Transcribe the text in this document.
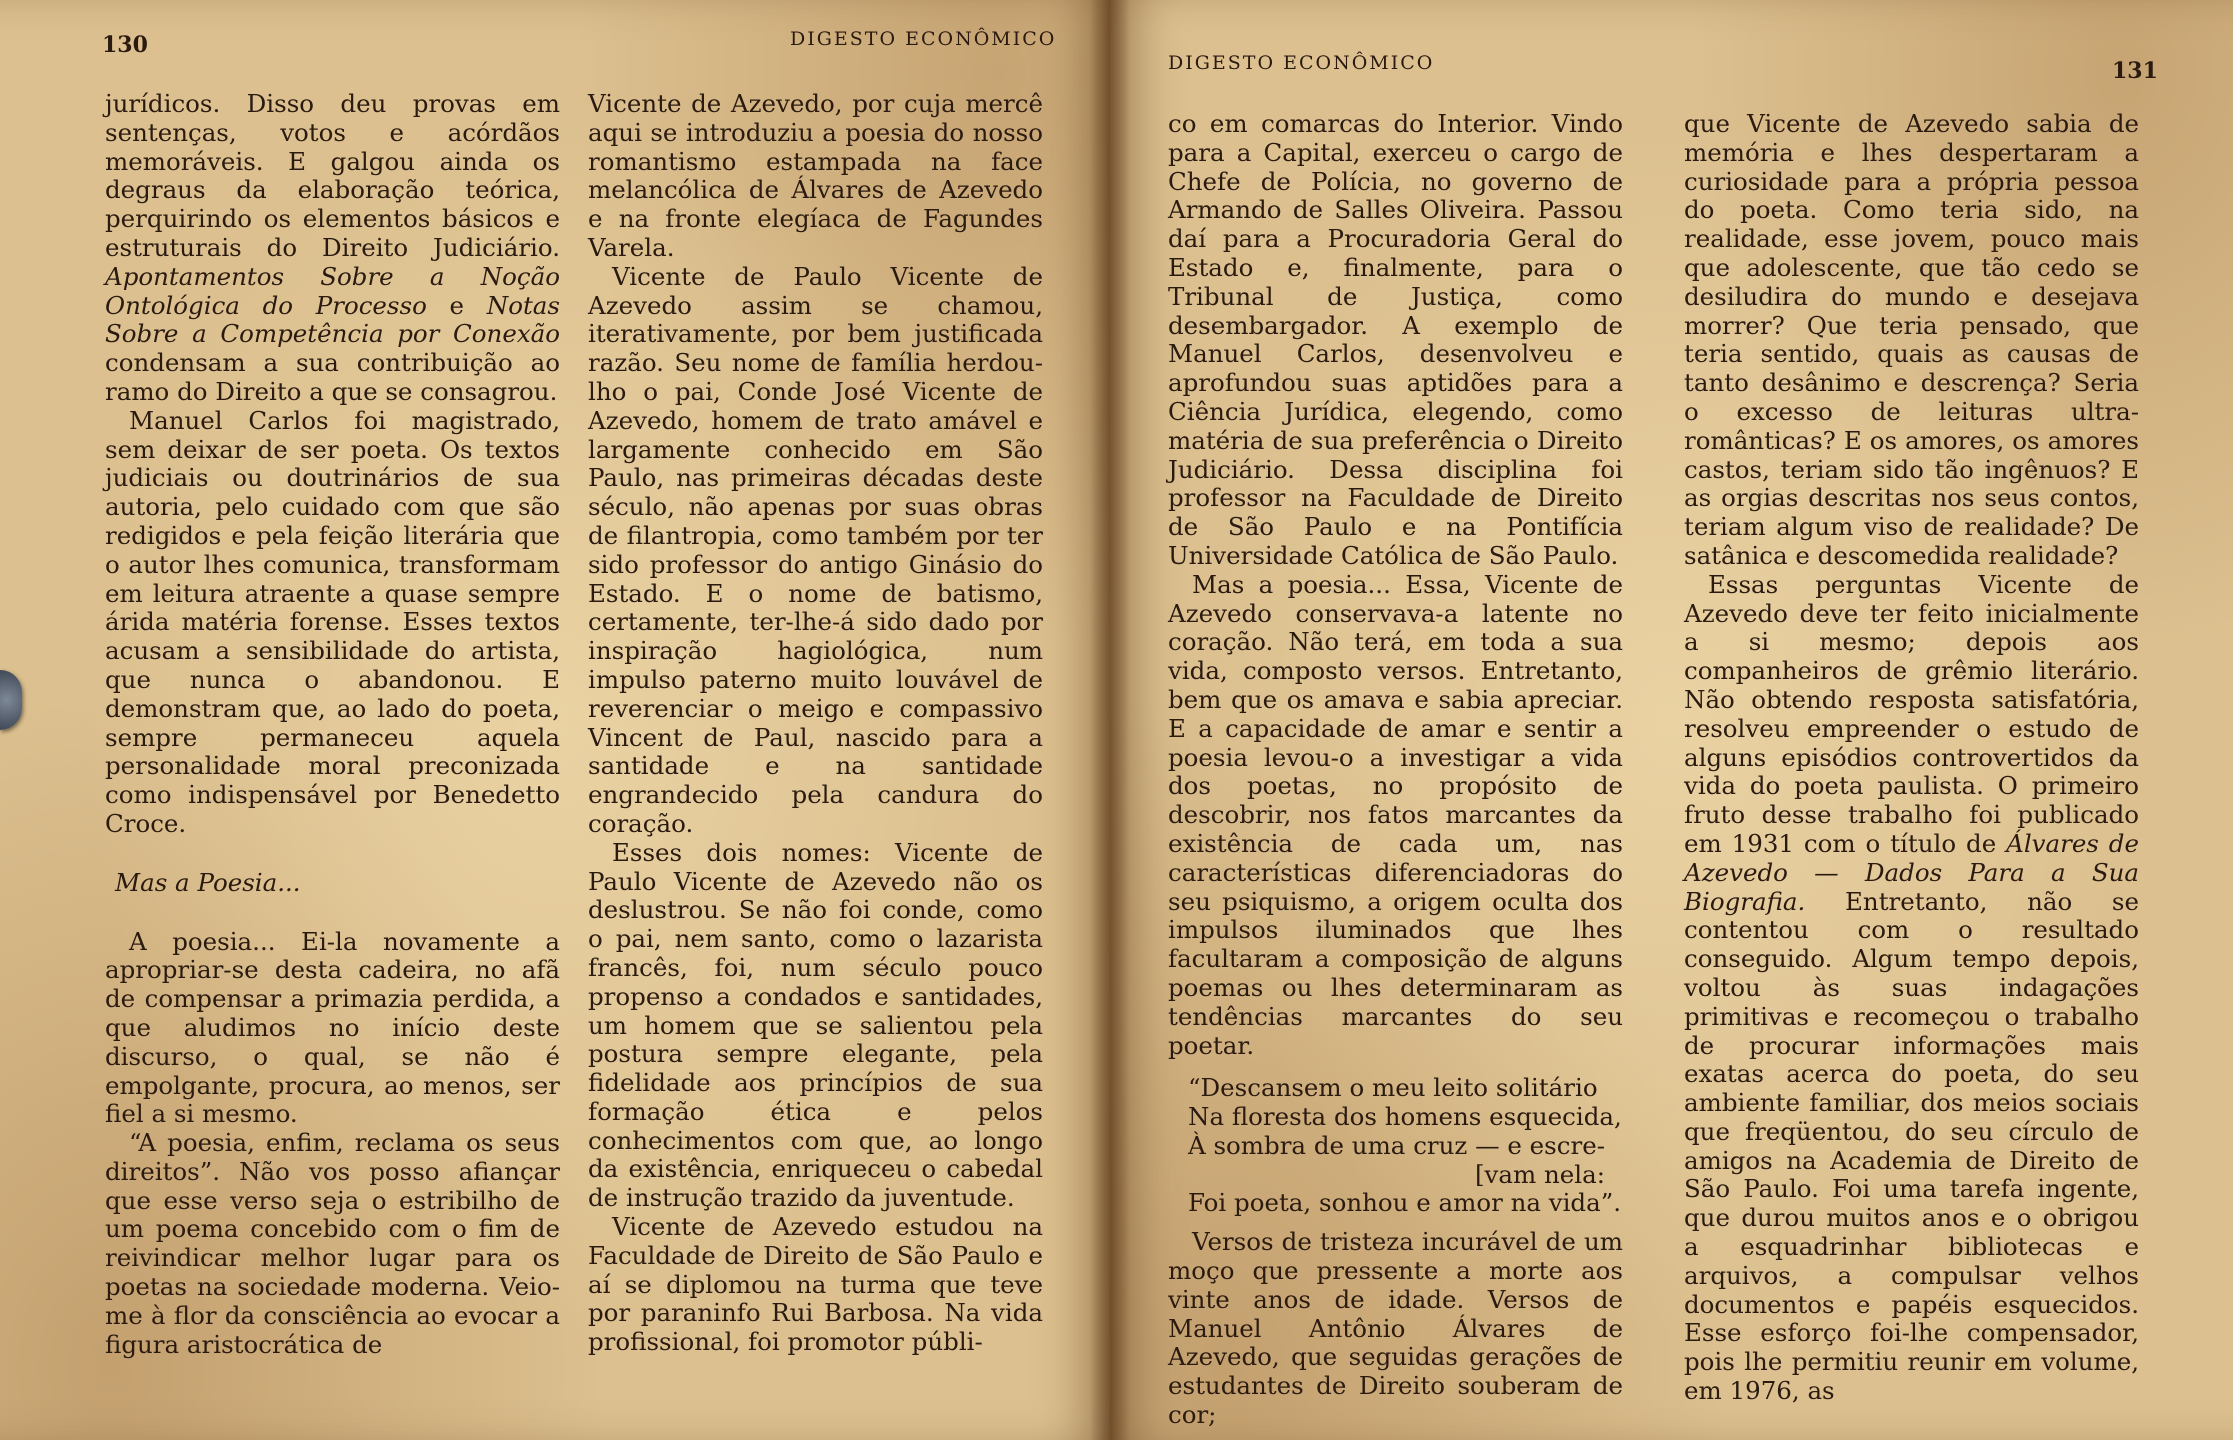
130	DIGESTO ECONÔMICO

jurídicos. Disso deu provas em sentenças, votos e acórdãos memoráveis. E galgou ainda os degraus da elaboração teórica, perquirindo os elementos básicos e estruturais do Direito Judiciário. Apontamentos Sobre a Noção Ontológica do Processo e Notas Sobre a Competência por Conexão condensam a sua contribuição ao ramo do Direito a que se consagrou.

Manuel Carlos foi magistrado, sem deixar de ser poeta. Os textos judiciais ou doutrinários de sua autoria, pelo cuidado com que são redigidos e pela feição literária que o autor lhes comunica, transformam em leitura atraente a quase sempre árida matéria forense. Esses textos acusam a sensibilidade do artista, que nunca o abandonou. E demonstram que, ao lado do poeta, sempre permaneceu aquela personalidade moral preconizada como indispensável por Benedetto Croce.

Mas a Poesia...

A poesia... Ei-la novamente a apropriar-se desta cadeira, no afã de compensar a primazia perdida, a que aludimos no início deste discurso, o qual, se não é empolgante, procura, ao menos, ser fiel a si mesmo.

“A poesia, enfim, reclama os seus direitos”. Não vos posso afiançar que esse verso seja o estribilho de um poema concebido com o fim de reivindicar melhor lugar para os poetas na sociedade moderna. Veio-me à flor da consciência ao evocar a figura aristocrática de

Vicente de Azevedo, por cuja mercê aqui se introduziu a poesia do nosso romantismo estampada na face melancólica de Álvares de Azevedo e na fronte elegíaca de Fagundes Varela.

Vicente de Paulo Vicente de Azevedo assim se chamou, iterativamente, por bem justificada razão. Seu nome de família herdou-lho o pai, Conde José Vicente de Azevedo, homem de trato amável e largamente conhecido em São Paulo, nas primeiras décadas deste século, não apenas por suas obras de filantropia, como também por ter sido professor do antigo Ginásio do Estado. E o nome de batismo, certamente, ter-lhe-á sido dado por inspiração hagiológica, num impulso paterno muito louvável de reverenciar o meigo e compassivo Vincent de Paul, nascido para a santidade e na santidade engrandecido pela candura do coração.

Esses dois nomes: Vicente de Paulo Vicente de Azevedo não os deslustrou. Se não foi conde, como o pai, nem santo, como o lazarista francês, foi, num século pouco propenso a condados e santidades, um homem que se salientou pela postura sempre elegante, pela fidelidade aos princípios de sua formação ética e pelos conhecimentos com que, ao longo da existência, enriqueceu o cabedal de instrução trazido da juventude.

Vicente de Azevedo estudou na Faculdade de Direito de São Paulo e aí se diplomou na turma que teve por paraninfo Rui Barbosa. Na vida profissional, foi promotor públi-

DIGESTO ECONÔMICO	131

co em comarcas do Interior. Vindo para a Capital, exerceu o cargo de Chefe de Polícia, no governo de Armando de Salles Oliveira. Passou daí para a Procuradoria Geral do Estado e, finalmente, para o Tribunal de Justiça, como desembargador. A exemplo de Manuel Carlos, desenvolveu e aprofundou suas aptidões para a Ciência Jurídica, elegendo, como matéria de sua preferência o Direito Judiciário. Dessa disciplina foi professor na Faculdade de Direito de São Paulo e na Pontifícia Universidade Católica de São Paulo.

Mas a poesia... Essa, Vicente de Azevedo conservava-a latente no coração. Não terá, em toda a sua vida, composto versos. Entretanto, bem que os amava e sabia apreciar. E a capacidade de amar e sentir a poesia levou-o a investigar a vida dos poetas, no propósito de descobrir, nos fatos marcantes da existência de cada um, nas características diferenciadoras do seu psiquismo, a origem oculta dos impulsos iluminados que lhes facultaram a composição de alguns poemas ou lhes determinaram as tendências marcantes do seu poetar.

“Descansem o meu leito solitário
Na floresta dos homens esquecida,
À sombra de uma cruz — e escre-
[vam nela:
Foi poeta, sonhou e amor na vida”.

Versos de tristeza incurável de um moço que pressente a morte aos vinte anos de idade. Versos de Manuel Antônio Álvares de Azevedo, que seguidas gerações de estudantes de Direito souberam de cor;

que Vicente de Azevedo sabia de memória e lhes despertaram a curiosidade para a própria pessoa do poeta. Como teria sido, na realidade, esse jovem, pouco mais que adolescente, que tão cedo se desiludira do mundo e desejava morrer? Que teria pensado, que teria sentido, quais as causas de tanto desânimo e descrença? Seria o excesso de leituras ultra-românticas? E os amores, os amores castos, teriam sido tão ingênuos? E as orgias descritas nos seus contos, teriam algum viso de realidade? De satânica e descomedida realidade?

Essas perguntas Vicente de Azevedo deve ter feito inicialmente a si mesmo; depois aos companheiros de grêmio literário. Não obtendo resposta satisfatória, resolveu empreender o estudo de alguns episódios controvertidos da vida do poeta paulista. O primeiro fruto desse trabalho foi publicado em 1931 com o título de Álvares de Azevedo — Dados Para a Sua Biografia. Entretanto, não se contentou com o resultado conseguido. Algum tempo depois, voltou às suas indagações primitivas e recomeçou o trabalho de procurar informações mais exatas acerca do poeta, do seu ambiente familiar, dos meios sociais que freqüentou, do seu círculo de amigos na Academia de Direito de São Paulo. Foi uma tarefa ingente, que durou muitos anos e o obrigou a esquadrinhar bibliotecas e arquivos, a compulsar velhos documentos e papéis esquecidos. Esse esforço foi-lhe compensador, pois lhe permitiu reunir em volume, em 1976, as
